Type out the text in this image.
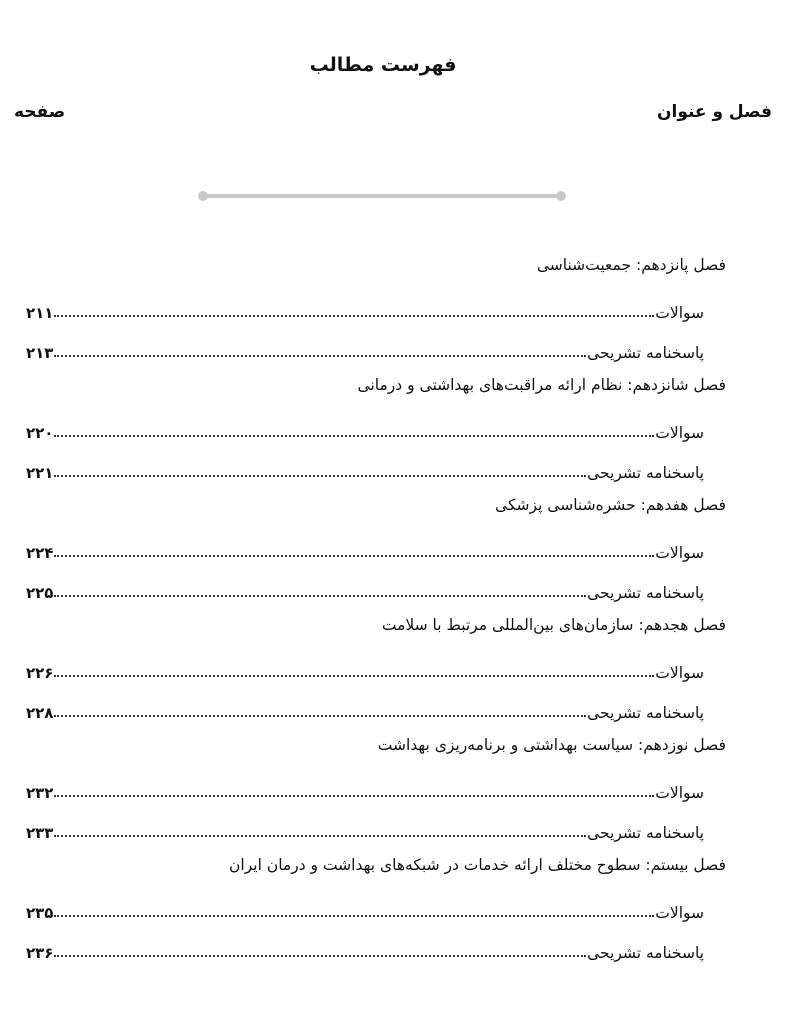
فهرست مطالب
فصل و عنوان
صفحه
فصل پانزدهم: جمعیت‌شناسی
سوالات
۲۱۱
پاسخنامه تشریحی
۲۱۳
فصل شانزدهم: نظام ارائه مراقبت‌های بهداشتی و درمانی
سوالات
۲۲۰
پاسخنامه تشریحی
۲۲۱
فصل هفدهم: حشره‌شناسی پزشکی
سوالات
۲۲۴
پاسخنامه تشریحی
۲۲۵
فصل هجدهم: سازمان‌های بین‌المللی مرتبط با سلامت
سوالات
۲۲۶
پاسخنامه تشریحی
۲۲۸
فصل نوزدهم: سیاست بهداشتی و برنامه‌ریزی بهداشت
سوالات
۲۳۲
پاسخنامه تشریحی
۲۳۳
فصل بیستم: سطوح مختلف ارائه خدمات در شبکه‌های بهداشت و درمان ایران
سوالات
۲۳۵
پاسخنامه تشریحی
۲۳۶
